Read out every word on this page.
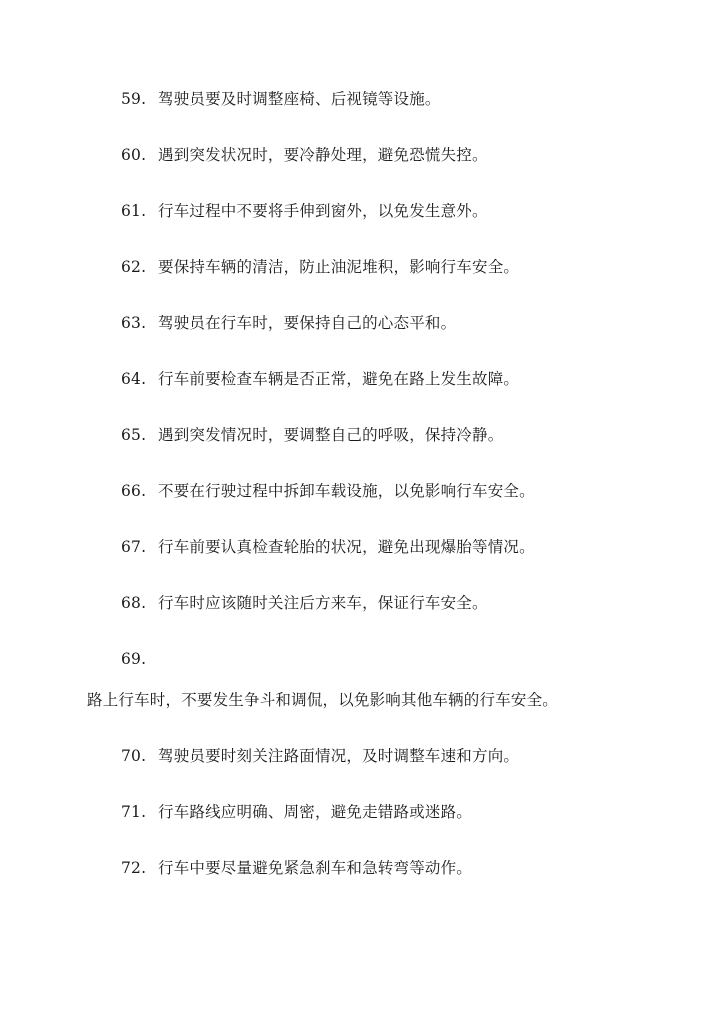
59. 驾驶员要及时调整座椅、后视镜等设施。
60. 遇到突发状况时，要冷静处理，避免恐慌失控。
61. 行车过程中不要将手伸到窗外，以免发生意外。
62. 要保持车辆的清洁，防止油泥堆积，影响行车安全。
63. 驾驶员在行车时，要保持自己的心态平和。
64. 行车前要检查车辆是否正常，避免在路上发生故障。
65. 遇到突发情况时，要调整自己的呼吸，保持冷静。
66. 不要在行驶过程中拆卸车载设施，以免影响行车安全。
67. 行车前要认真检查轮胎的状况，避免出现爆胎等情况。
68. 行车时应该随时关注后方来车，保证行车安全。
69.
路上行车时，不要发生争斗和调侃，以免影响其他车辆的行车安全。
70. 驾驶员要时刻关注路面情况，及时调整车速和方向。
71. 行车路线应明确、周密，避免走错路或迷路。
72. 行车中要尽量避免紧急刹车和急转弯等动作。
